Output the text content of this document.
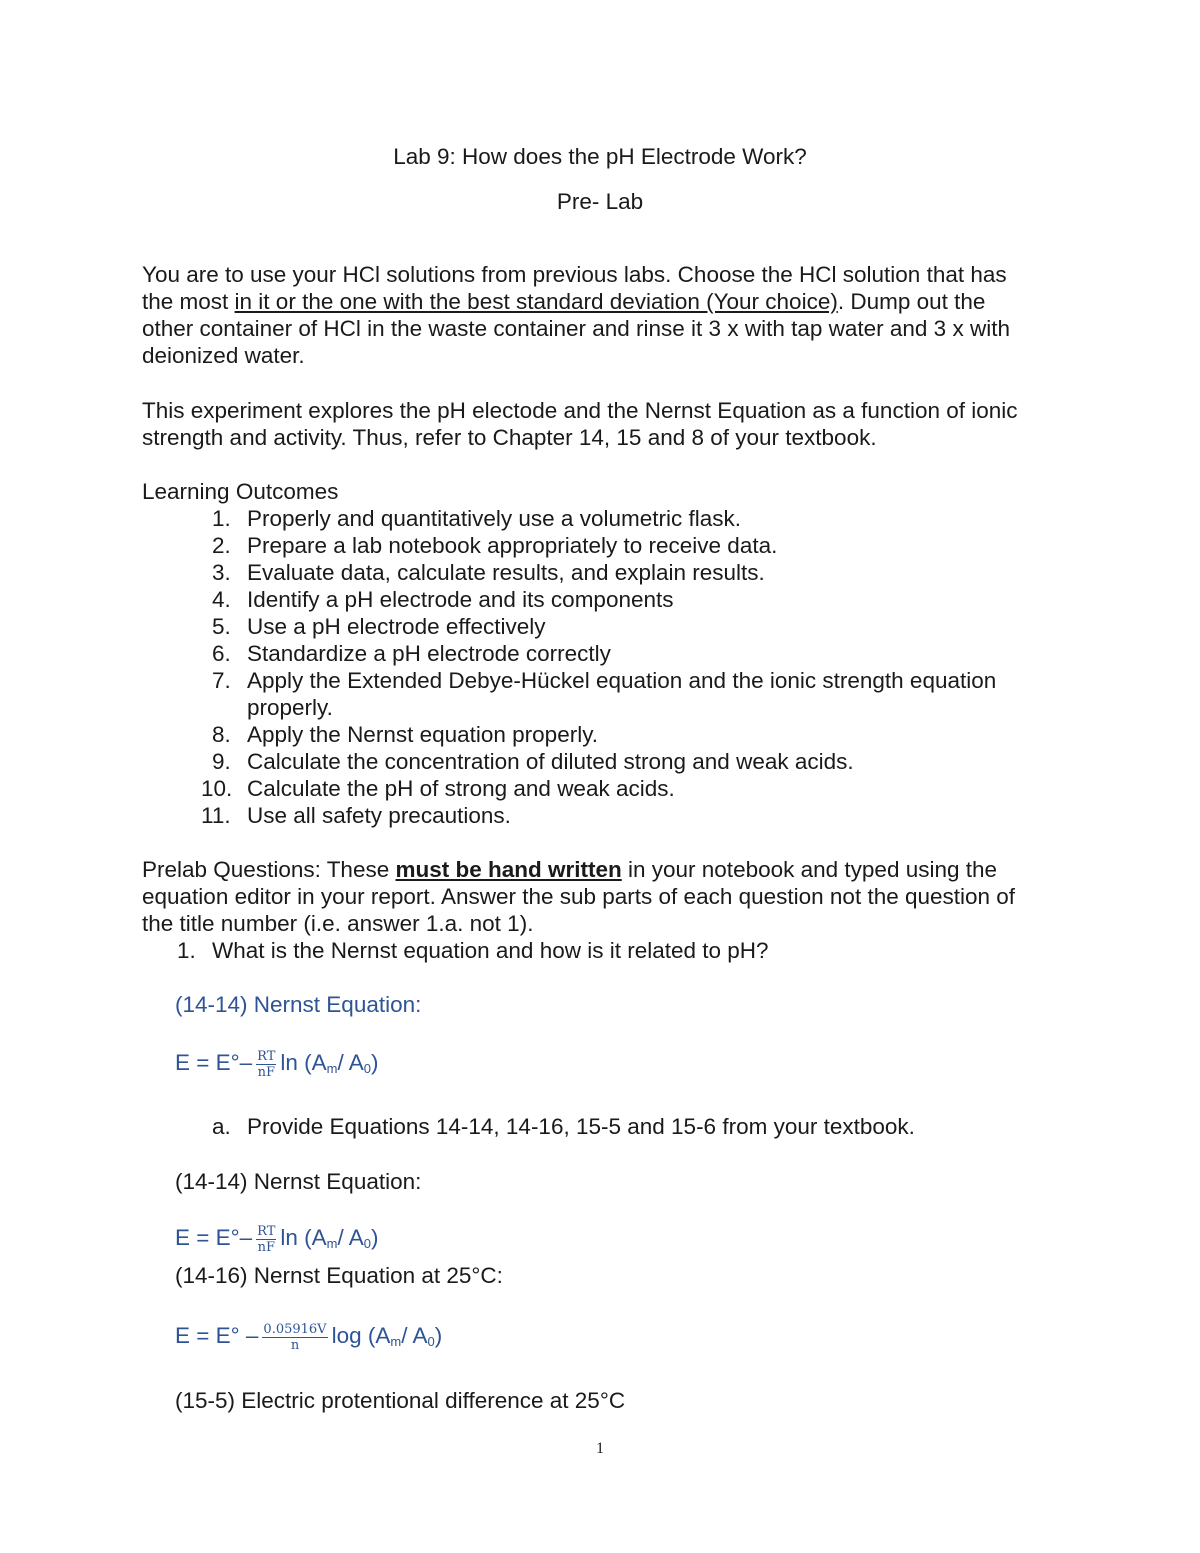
Lab 9: How does the pH Electrode Work?
Pre- Lab
You are to use your HCl solutions from previous labs. Choose the HCl solution that has
the most in it or the one with the best standard deviation (Your choice). Dump out the
other container of HCl in the waste container and rinse it 3 x with tap water and 3 x with
deionized water.
This experiment explores the pH electode and the Nernst Equation as a function of ionic
strength and activity. Thus, refer to Chapter 14, 15 and 8 of your textbook.
Learning Outcomes
1. Properly and quantitatively use a volumetric flask.
2. Prepare a lab notebook appropriately to receive data.
3. Evaluate data, calculate results, and explain results.
4. Identify a pH electrode and its components
5. Use a pH electrode effectively
6. Standardize a pH electrode correctly
7. Apply the Extended Debye-Hückel equation and the ionic strength equation
properly.
8. Apply the Nernst equation properly.
9. Calculate the concentration of diluted strong and weak acids.
10. Calculate the pH of strong and weak acids.
11. Use all safety precautions.
Prelab Questions: These must be hand written in your notebook and typed using the
equation editor in your report. Answer the sub parts of each question not the question of
the title number (i.e. answer 1.a. not 1).
1. What is the Nernst equation and how is it related to pH?
(14-14) Nernst Equation:
$E = E^\circ- \frac{RT}{nF}$ $\ln (A_m/$ $A_0$)
a. Provide Equations 14-14, 14-16, 15-5 and 15-6 from your textbook.
(14-14) Nernst Equation:
$E = E^\circ- \frac{RT}{nF}$ $\ln (A_m/$ $A_0$)
(14-16) Nernst Equation at 25°C:
$E = E^\circ - \frac{0.05916V}{n}$ $\log (A_m/$ $A_0$)
(15-5) Electric protentional difference at 25°C
1
